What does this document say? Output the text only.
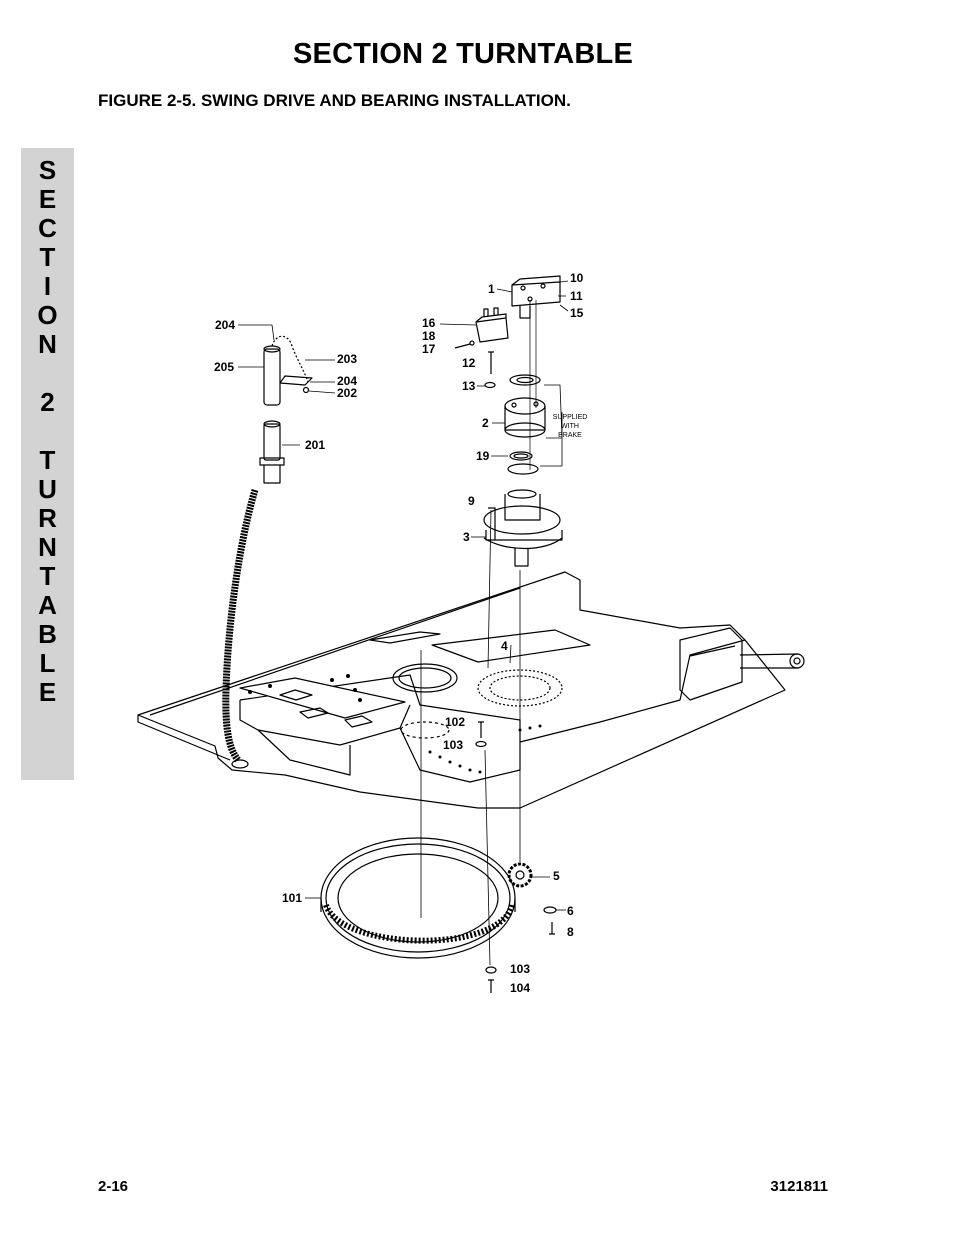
SECTION 2 TURNTABLE
FIGURE 2-5. SWING DRIVE AND BEARING INSTALLATION.
S
E
C
T
I
O
N
2
T
U
R
N
T
A
B
L
E
1
10
11
15
16
18
17
12
13
204
205
203
204
202
201
2
19
9
3
4
102
103
5
101
6
8
103
104
SUPPLIED
WITH
BRAKE
2-16	3121811
